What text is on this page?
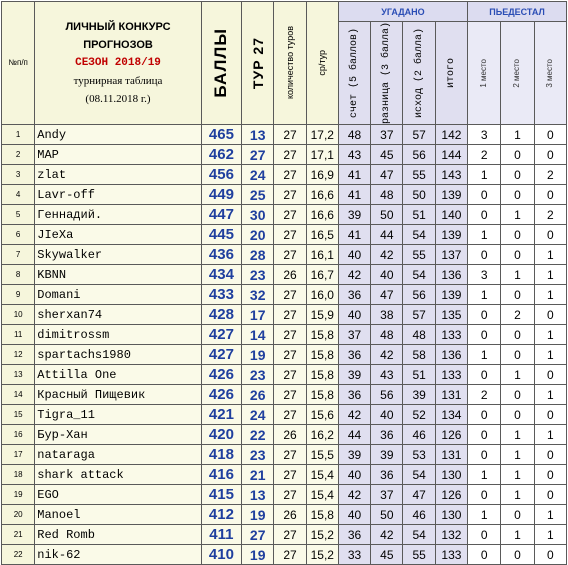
№п/п	ЛИЧНЫЙ КОНКУРС
ПРОГНОЗОВ
СЕЗОН 2018/19
турнирная таблица
(08.11.2018 г.)	БАЛЛЫ	ТУР 27	количество туров	ср/тур	УГАДАНО				ПЬЕДЕСТАЛ		

						счет (5 баллов)	разница (3 балла)	исход (2 балла)	итого	1 место	2 место	3 место

1	Andy	465	13	27	17,2	48	37	57	142	3	1	0
2	MAP	462	27	27	17,1	43	45	56	144	2	0	0
3	zlat	456	24	27	16,9	41	47	55	143	1	0	2
4	Lavr-off	449	25	27	16,6	41	48	50	139	0	0	0
5	Геннадий.	447	30	27	16,6	39	50	51	140	0	1	2
6	JIeXa	445	20	27	16,5	41	44	54	139	1	0	0
7	Skywalker	436	28	27	16,1	40	42	55	137	0	0	1
8	KBNN	434	23	26	16,7	42	40	54	136	3	1	1
9	Domani	433	32	27	16,0	36	47	56	139	1	0	1
10	sherxan74	428	17	27	15,9	40	38	57	135	0	2	0
11	dimitrossm	427	14	27	15,8	37	48	48	133	0	0	1
12	spartachs1980	427	19	27	15,8	36	42	58	136	1	0	1
13	Attilla One	426	23	27	15,8	39	43	51	133	0	1	0
14	Красный Пищевик	426	26	27	15,8	36	56	39	131	2	0	1
15	Tigra_11	421	24	27	15,6	42	40	52	134	0	0	0
16	Бур-Хан	420	22	26	16,2	44	36	46	126	0	1	1
17	nataraga	418	23	27	15,5	39	39	53	131	0	1	0
18	shark attack	416	21	27	15,4	40	36	54	130	1	1	0
19	EGO	415	13	27	15,4	42	37	47	126	0	1	0
20	Manoel	412	19	26	15,8	40	50	46	130	1	0	1
21	Red Romb	411	27	27	15,2	36	42	54	132	0	1	1
22	nik-62	410	19	27	15,2	33	45	55	133	0	0	0
